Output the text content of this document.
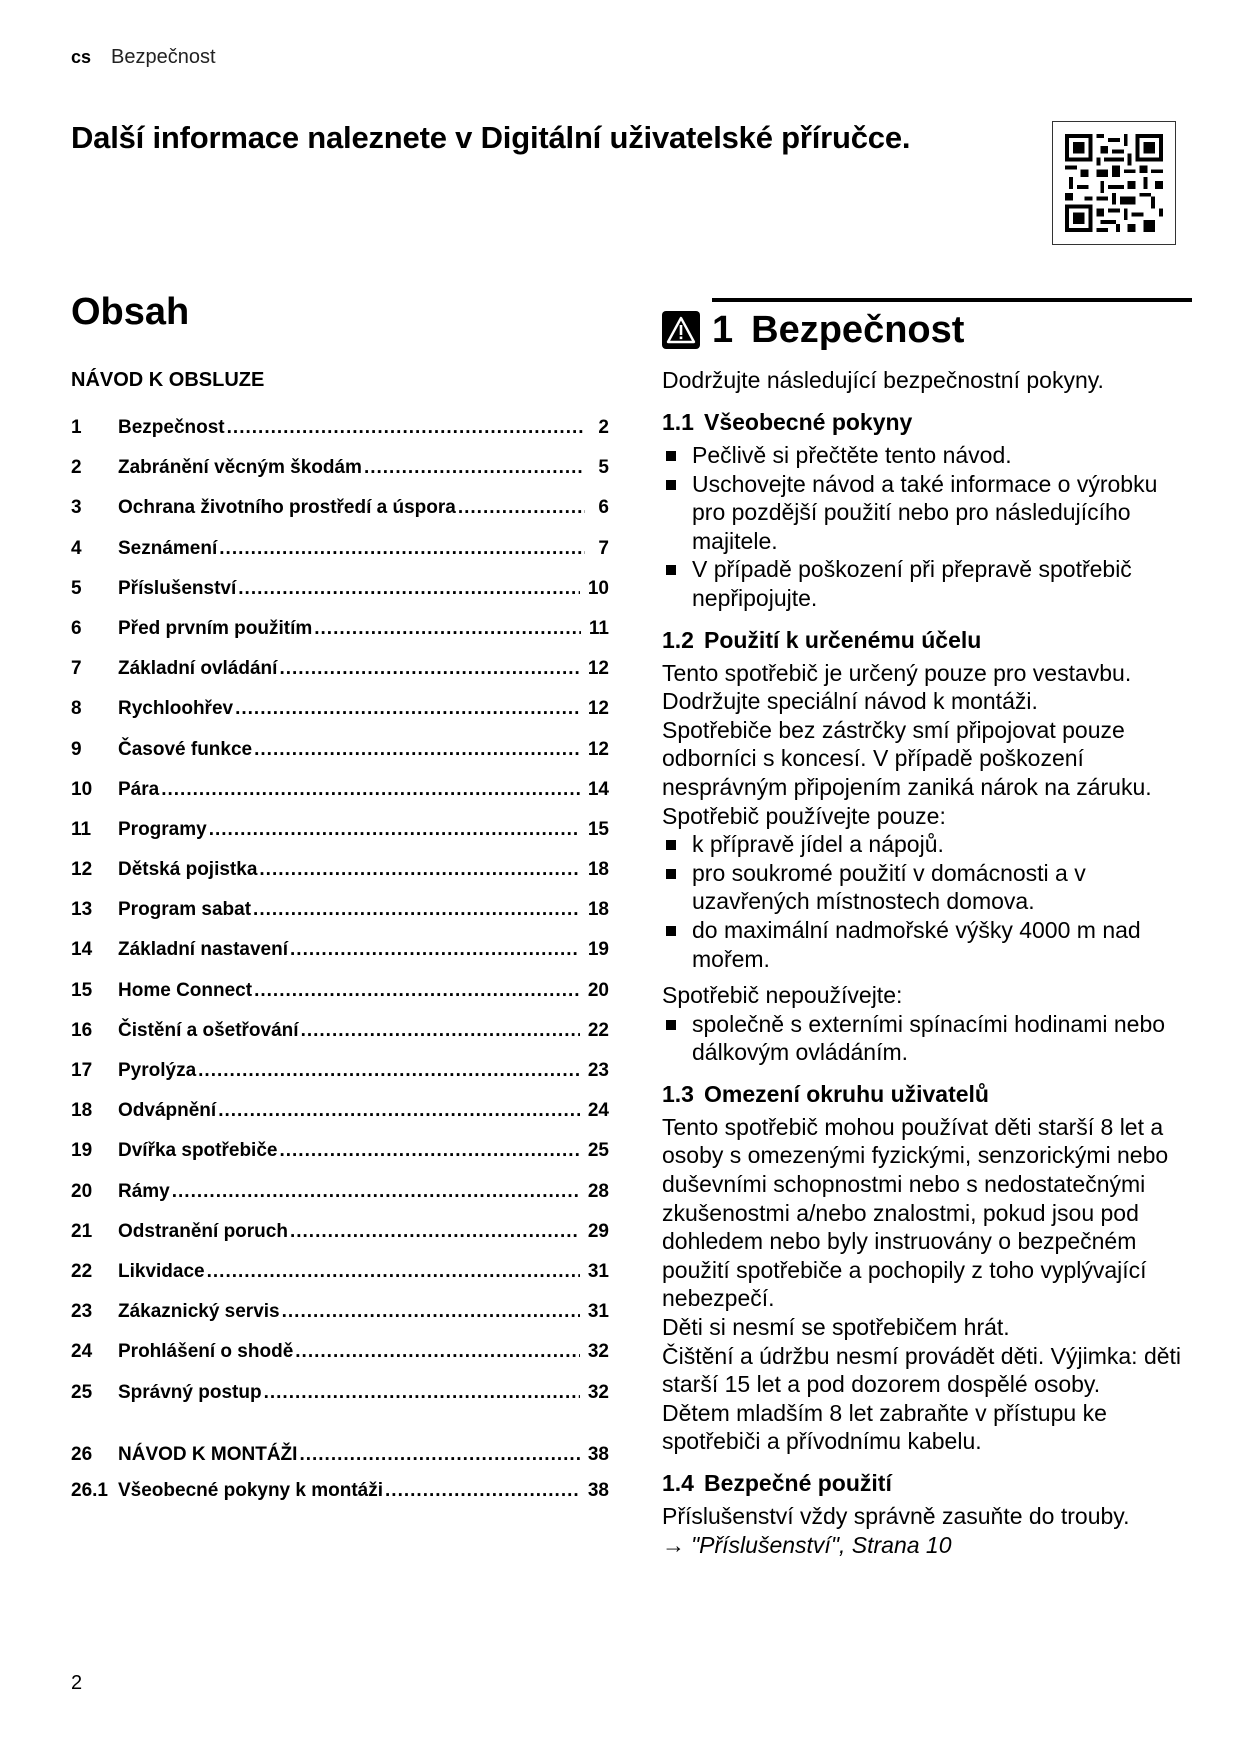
cs Bezpečnost
Další informace naleznete v Digitální uživatelské příručce.
Obsah
NÁVOD K OBSLUZE
1	Bezpečnost .....	2
2	Zabránění věcným škodám .....	5
3	Ochrana životního prostředí a úspora .....	6
4	Seznámení .....	7
5	Příslušenství .....	10
6	Před prvním použitím .....	11
7	Základní ovládání .....	12
8	Rychloohřev .....	12
9	Časové funkce .....	12
10	Pára .....	14
11	Programy .....	15
12	Dětská pojistka .....	18
13	Program sabat .....	18
14	Základní nastavení .....	19
15	Home Connect .....	20
16	Čistění a ošetřování .....	22
17	Pyrolýza .....	23
18	Odvápnění .....	24
19	Dvířka spotřebiče .....	25
20	Rámy .....	28
21	Odstranění poruch .....	29
22	Likvidace .....	31
23	Zákaznický servis .....	31
24	Prohlášení o shodě .....	32
25	Správný postup .....	32
26	NÁVOD K MONTÁŽI .....	38
26.1 Všeobecné pokyny k montáži .....	38
1 Bezpečnost
Dodržujte následující bezpečnostní pokyny.
1.1 Všeobecné pokyny
Pečlivě si přečtěte tento návod.
Uschovejte návod a také informace o výrobku pro pozdější použití nebo pro následujícího majitele.
V případě poškození při přepravě spotřebič nepřipojujte.
1.2 Použití k určenému účelu
Tento spotřebič je určený pouze pro vestavbu. Dodržujte speciální návod k montáži.
Spotřebiče bez zástrčky smí připojovat pouze odborníci s koncesí. V případě poškození nesprávným připojením zaniká nárok na záruku.
Spotřebič používejte pouze:
k přípravě jídel a nápojů.
pro soukromé použití v domácnosti a v uzavřených místnostech domova.
do maximální nadmořské výšky 4000 m nad mořem.
Spotřebič nepoužívejte:
společně s externími spínacími hodinami nebo dálkovým ovládáním.
1.3 Omezení okruhu uživatelů
Tento spotřebič mohou používat děti starší 8 let a osoby s omezenými fyzickými, senzorickými nebo duševními schopnostmi nebo s nedostatečnými zkušenostmi a/nebo znalostmi, pokud jsou pod dohledem nebo byly instruovány o bezpečném použití spotřebiče a pochopily z toho vyplývající nebezpečí.
Děti si nesmí se spotřebičem hrát.
Čištění a údržbu nesmí provádět děti. Výjimka: děti starší 15 let a pod dozorem dospělé osoby.
Dětem mladším 8 let zabraňte v přístupu ke spotřebiči a přívodnímu kabelu.
1.4 Bezpečné použití
Příslušenství vždy správně zasuňte do trouby.
→ "Příslušenství", Strana 10
2
